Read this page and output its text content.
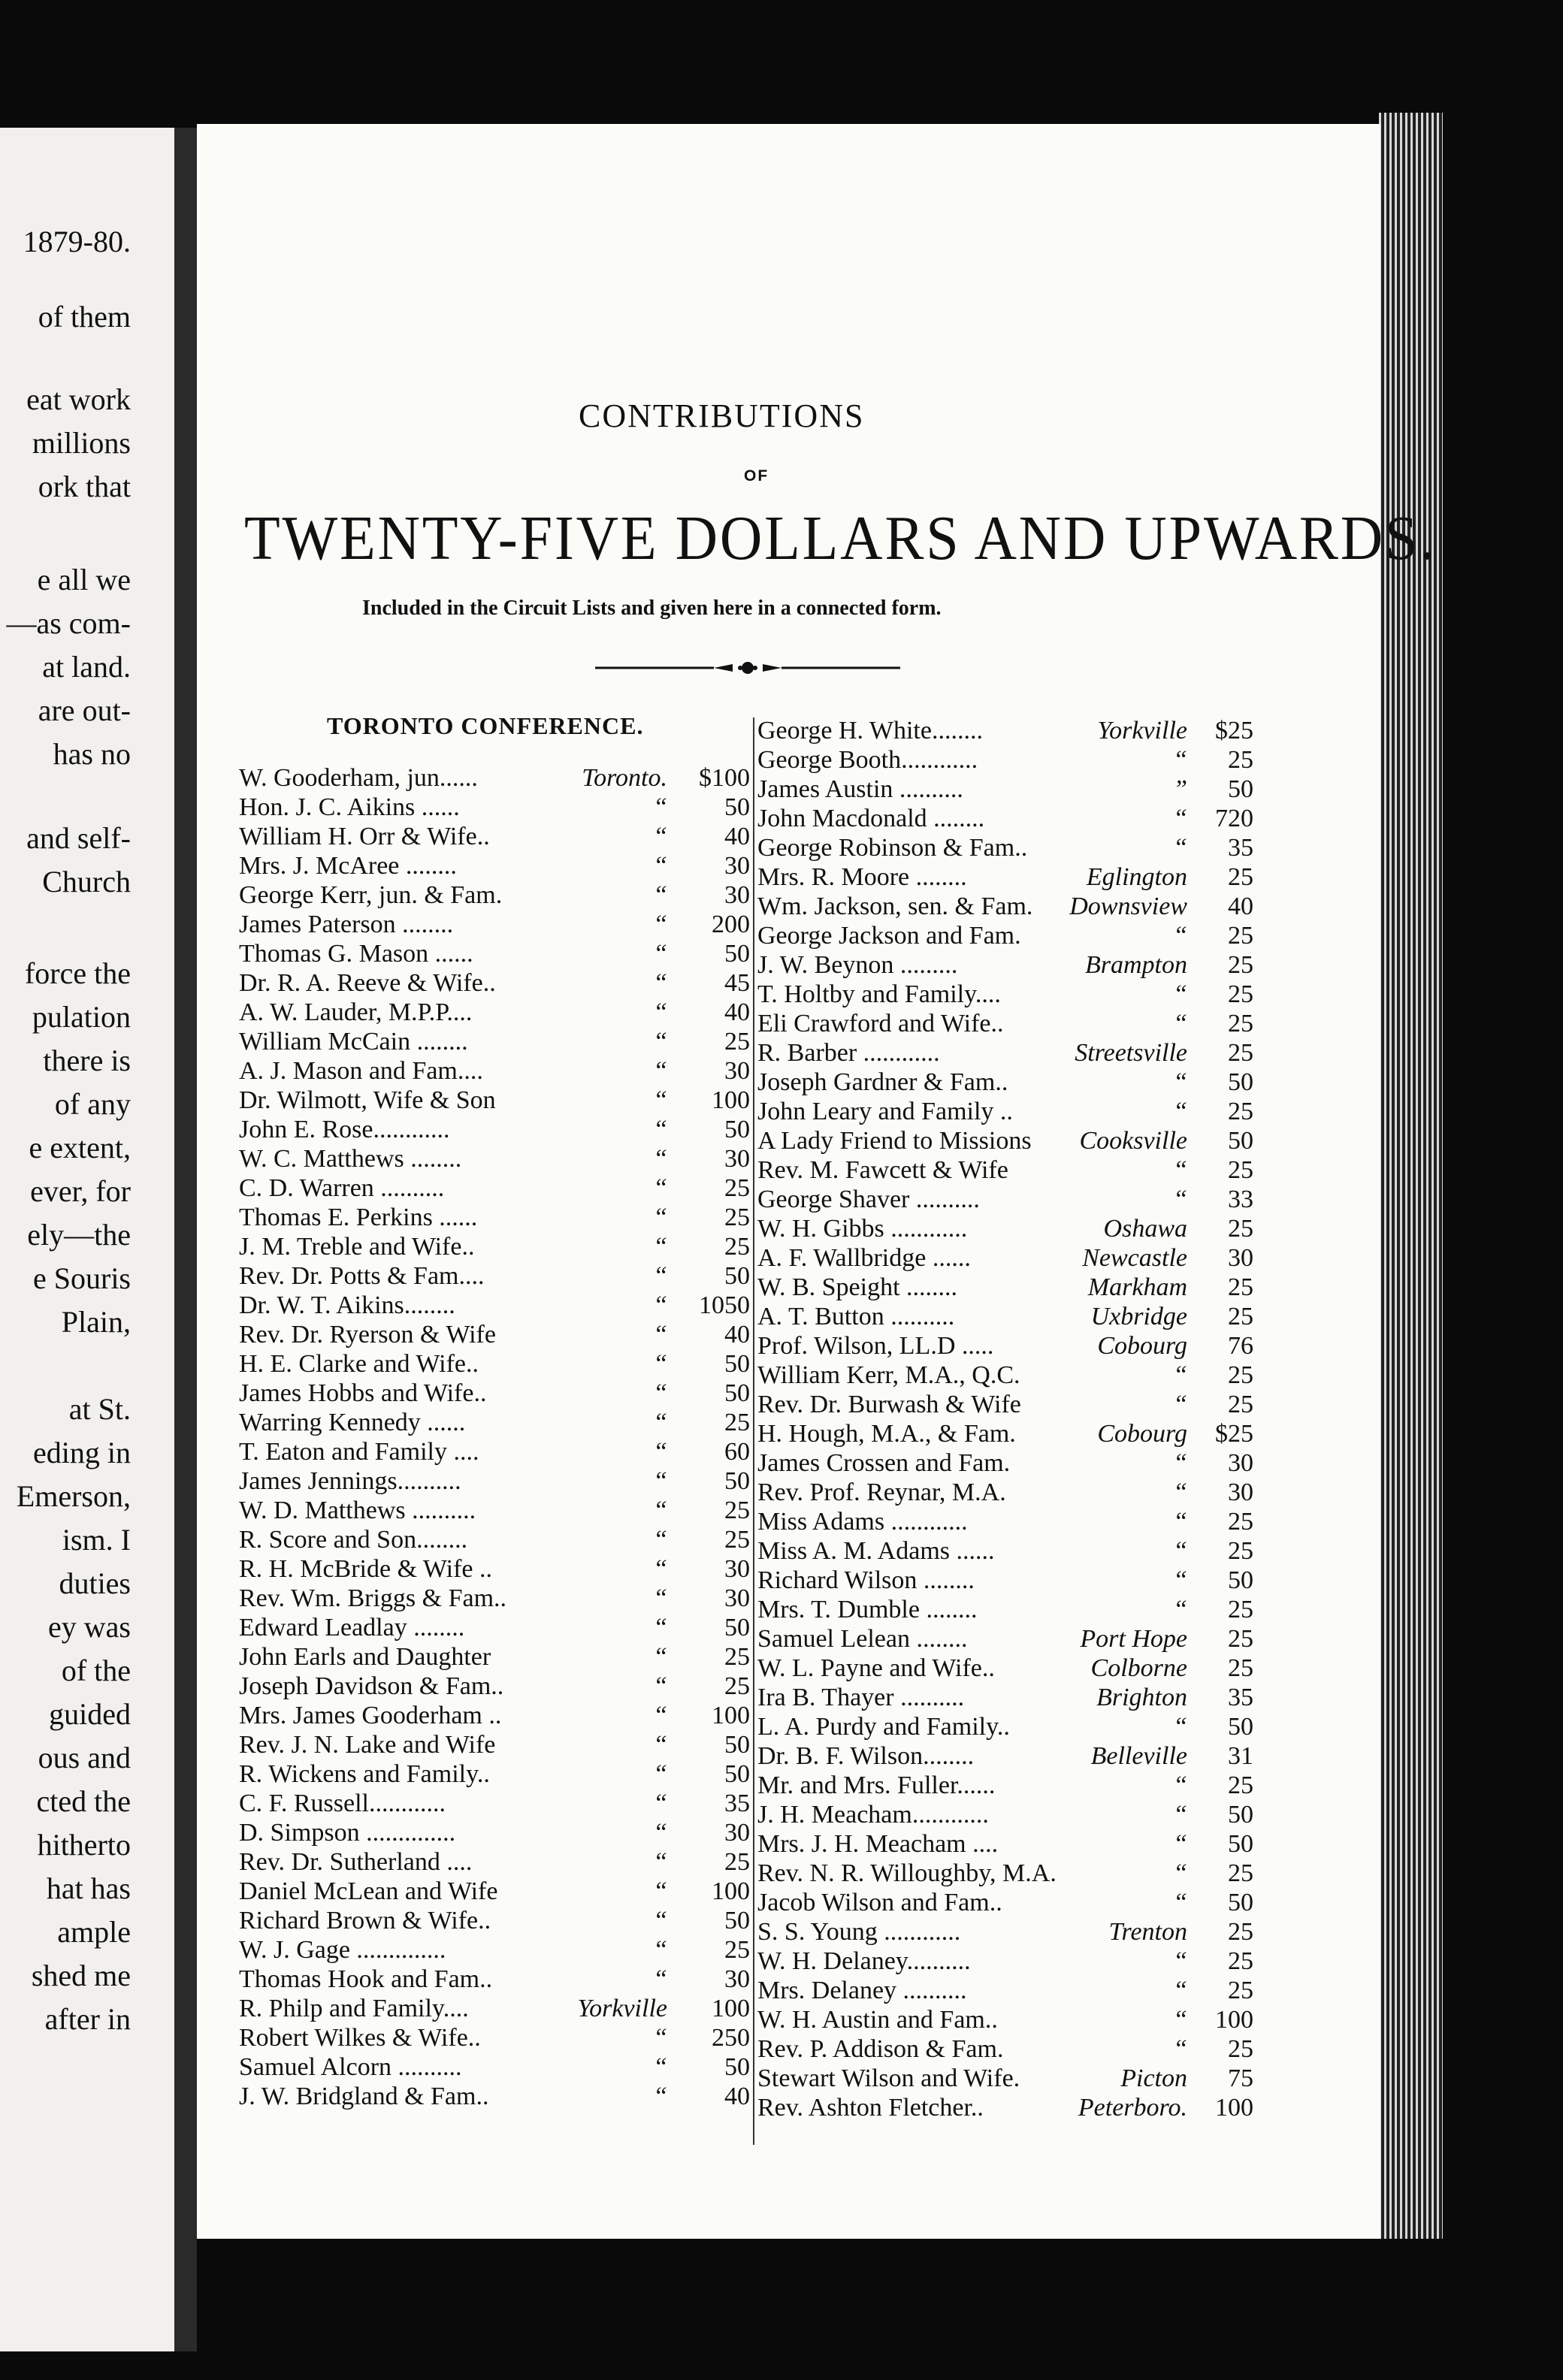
1879-80.
of them
eat work
millions
ork that
e all we
—as com-
at land.
are out-
has no
and self-
Church
force the
pulation
there is
of any
e extent,
ever, for
ely—the
e Souris
Plain,
at St.
eding in
Emerson,
ism. I
duties
ey was
of the
guided
ous and
cted the
hitherto
hat has
ample
shed me
after in
CONTRIBUTIONS
OF
TWENTY-FIVE DOLLARS AND UPWARDS.
Included in the Circuit Lists and given here in a connected form.
TORONTO CONFERENCE.
W. Gooderham, jun......	Toronto.	$100
Hon. J. C. Aikins ......	“	50
William H. Orr & Wife..	“	40
Mrs. J. McAree ........	“	30
George Kerr, jun. & Fam.	“	30
James Paterson ........	“	200
Thomas G. Mason ......	“	50
Dr. R. A. Reeve & Wife..	“	45
A. W. Lauder, M.P.P....	“	40
William McCain ........	“	25
A. J. Mason and Fam....	“	30
Dr. Wilmott, Wife & Son	“	100
John E. Rose............	“	50
W. C. Matthews ........	“	30
C. D. Warren ..........	“	25
Thomas E. Perkins ......	“	25
J. M. Treble and Wife..	“	25
Rev. Dr. Potts & Fam....	“	50
Dr. W. T. Aikins........	“	1050
Rev. Dr. Ryerson & Wife	“	40
H. E. Clarke and Wife..	“	50
James Hobbs and Wife..	“	50
Warring Kennedy ......	“	25
T. Eaton and Family ....	“	60
James Jennings..........	“	50
W. D. Matthews ..........	“	25
R. Score and Son........	“	25
R. H. McBride & Wife ..	“	30
Rev. Wm. Briggs & Fam..	“	30
Edward Leadlay ........	“	50
John Earls and Daughter	“	25
Joseph Davidson & Fam..	“	25
Mrs. James Gooderham ..	“	100
Rev. J. N. Lake and Wife	“	50
R. Wickens and Family..	“	50
C. F. Russell............	“	35
D. Simpson ..............	“	30
Rev. Dr. Sutherland ....	“	25
Daniel McLean and Wife	“	100
Richard Brown & Wife..	“	50
W. J. Gage ..............	“	25
Thomas Hook and Fam..	“	30
R. Philp and Family....	Yorkville	100
Robert Wilkes & Wife..	“	250
Samuel Alcorn ..........	“	50
J. W. Bridgland & Fam..	“	40
George H. White........	Yorkville	$25
George Booth............	“	25
James Austin ..........	”	50
John Macdonald ........	“	720
George Robinson & Fam..	“	35
Mrs. R. Moore ........	Eglington	25
Wm. Jackson, sen. & Fam. Downsview	40
George Jackson and Fam.	“	25
J. W. Beynon .........	Brampton	25
T. Holtby and Family....	“	25
Eli Crawford and Wife..	“	25
R. Barber ............	Streetsville	25
Joseph Gardner & Fam..	“	50
John Leary and Family ..	“	25
A Lady Friend to Missions Cooksville	50
Rev. M. Fawcett & Wife	“	25
George Shaver ..........	“	33
W. H. Gibbs ............	Oshawa	25
A. F. Wallbridge ......	Newcastle	30
W. B. Speight ........	Markham	25
A. T. Button ..........	Uxbridge	25
Prof. Wilson, LL.D .....	Cobourg	76
William Kerr, M.A., Q.C.	“	25
Rev. Dr. Burwash & Wife	“	25
H. Hough, M.A., & Fam.	Cobourg	$25
James Crossen and Fam.	“	30
Rev. Prof. Reynar, M.A.	“	30
Miss Adams ............	“	25
Miss A. M. Adams ......	“	25
Richard Wilson ........	“	50
Mrs. T. Dumble ........	“	25
Samuel Lelean ........	Port Hope	25
W. L. Payne and Wife..	Colborne	25
Ira B. Thayer ..........	Brighton	35
L. A. Purdy and Family..	“	50
Dr. B. F. Wilson........	Belleville	31
Mr. and Mrs. Fuller......	“	25
J. H. Meacham............	“	50
Mrs. J. H. Meacham ....	“	50
Rev. N. R. Willoughby, M.A.	“	25
Jacob Wilson and Fam..	“	50
S. S. Young ............	Trenton	25
W. H. Delaney..........	“	25
Mrs. Delaney ..........	“	25
W. H. Austin and Fam..	“	100
Rev. P. Addison & Fam.	“	25
Stewart Wilson and Wife.	Picton	75
Rev. Ashton Fletcher..	Peterboro.	100
